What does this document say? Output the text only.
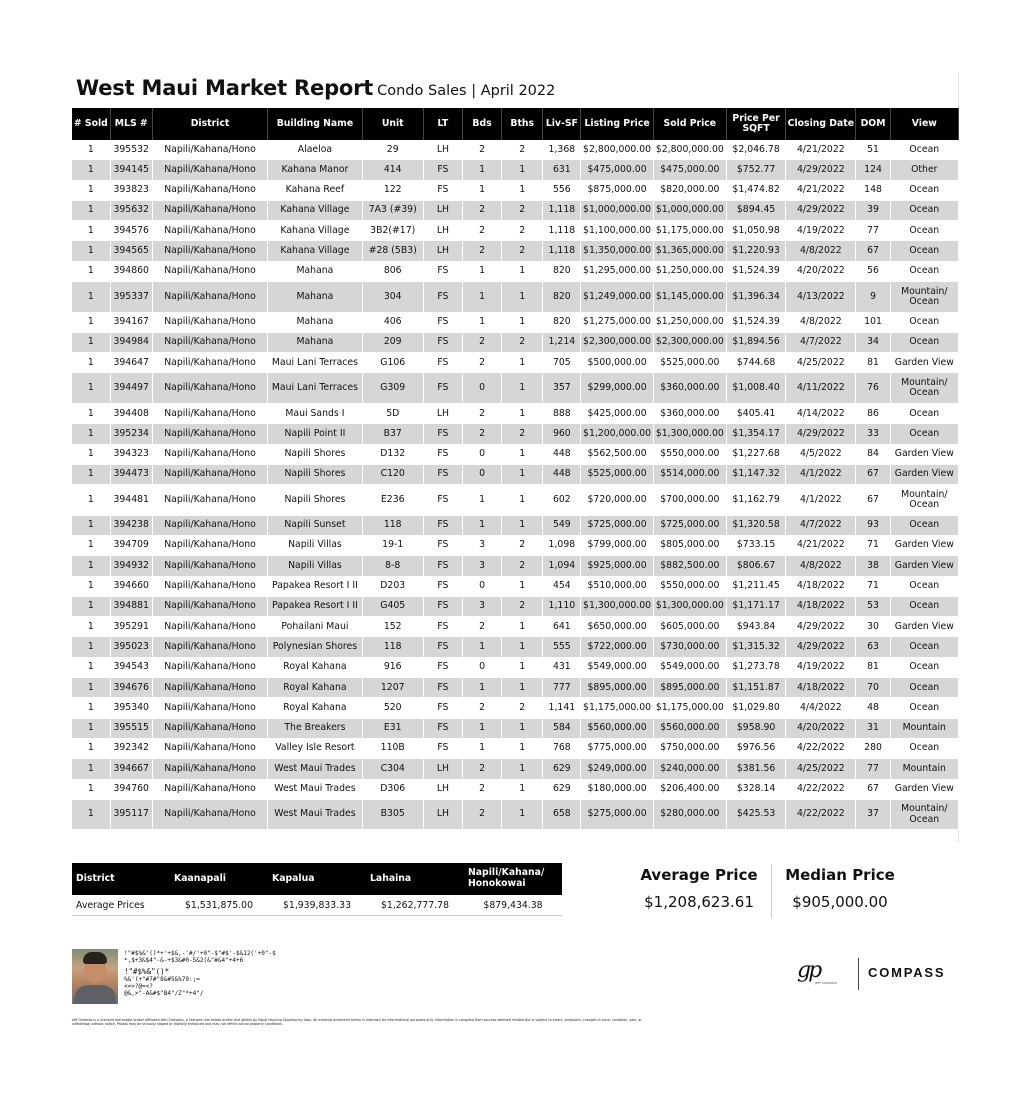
West Maui Market Report Condo Sales | April 2022
# Sold	MLS #	District	Building Name	Unit	LT	Bds	Bths	Liv-SF	Listing Price	Sold Price	Price Per SQFT	Closing Date	DOM	View
1	395532	Napili/Kahana/Hono	Alaeloa	29	LH	2	2	1,368	$2,800,000.00	$2,800,000.00	$2,046.78	4/21/2022	51	Ocean
1	394145	Napili/Kahana/Hono	Kahana Manor	414	FS	1	1	631	$475,000.00	$475,000.00	$752.77	4/29/2022	124	Other
1	393823	Napili/Kahana/Hono	Kahana Reef	122	FS	1	1	556	$875,000.00	$820,000.00	$1,474.82	4/21/2022	148	Ocean
1	395632	Napili/Kahana/Hono	Kahana Village	7A3 (#39)	LH	2	2	1,118	$1,000,000.00	$1,000,000.00	$894.45	4/29/2022	39	Ocean
1	394576	Napili/Kahana/Hono	Kahana Village	3B2(#17)	LH	2	2	1,118	$1,100,000.00	$1,175,000.00	$1,050.98	4/19/2022	77	Ocean
1	394565	Napili/Kahana/Hono	Kahana Village	#28 (5B3)	LH	2	2	1,118	$1,350,000.00	$1,365,000.00	$1,220.93	4/8/2022	67	Ocean
1	394860	Napili/Kahana/Hono	Mahana	806	FS	1	1	820	$1,295,000.00	$1,250,000.00	$1,524.39	4/20/2022	56	Ocean
1	395337	Napili/Kahana/Hono	Mahana	304	FS	1	1	820	$1,249,000.00	$1,145,000.00	$1,396.34	4/13/2022	9	Mountain/ Ocean
1	394167	Napili/Kahana/Hono	Mahana	406	FS	1	1	820	$1,275,000.00	$1,250,000.00	$1,524.39	4/8/2022	101	Ocean
1	394984	Napili/Kahana/Hono	Mahana	209	FS	2	2	1,214	$2,300,000.00	$2,300,000.00	$1,894.56	4/7/2022	34	Ocean
1	394647	Napili/Kahana/Hono	Maui Lani Terraces	G106	FS	2	1	705	$500,000.00	$525,000.00	$744.68	4/25/2022	81	Garden View
1	394497	Napili/Kahana/Hono	Maui Lani Terraces	G309	FS	0	1	357	$299,000.00	$360,000.00	$1,008.40	4/11/2022	76	Mountain/ Ocean
1	394408	Napili/Kahana/Hono	Maui Sands I	5D	LH	2	1	888	$425,000.00	$360,000.00	$405.41	4/14/2022	86	Ocean
1	395234	Napili/Kahana/Hono	Napili Point II	B37	FS	2	2	960	$1,200,000.00	$1,300,000.00	$1,354.17	4/29/2022	33	Ocean
1	394323	Napili/Kahana/Hono	Napili Shores	D132	FS	0	1	448	$562,500.00	$550,000.00	$1,227.68	4/5/2022	84	Garden View
1	394473	Napili/Kahana/Hono	Napili Shores	C120	FS	0	1	448	$525,000.00	$514,000.00	$1,147.32	4/1/2022	67	Garden View
1	394481	Napili/Kahana/Hono	Napili Shores	E236	FS	1	1	602	$720,000.00	$700,000.00	$1,162.79	4/1/2022	67	Mountain/ Ocean
1	394238	Napili/Kahana/Hono	Napili Sunset	118	FS	1	1	549	$725,000.00	$725,000.00	$1,320.58	4/7/2022	93	Ocean
1	394709	Napili/Kahana/Hono	Napili Villas	19-1	FS	3	2	1,098	$799,000.00	$805,000.00	$733.15	4/21/2022	71	Garden View
1	394932	Napili/Kahana/Hono	Napili Villas	8-8	FS	3	2	1,094	$925,000.00	$882,500.00	$806.67	4/8/2022	38	Garden View
1	394660	Napili/Kahana/Hono	Papakea Resort I II	D203	FS	0	1	454	$510,000.00	$550,000.00	$1,211.45	4/18/2022	71	Ocean
1	394881	Napili/Kahana/Hono	Papakea Resort I II	G405	FS	3	2	1,110	$1,300,000.00	$1,300,000.00	$1,171.17	4/18/2022	53	Ocean
1	395291	Napili/Kahana/Hono	Pohailani Maui	152	FS	2	1	641	$650,000.00	$605,000.00	$943.84	4/29/2022	30	Garden View
1	395023	Napili/Kahana/Hono	Polynesian Shores	118	FS	1	1	555	$722,000.00	$730,000.00	$1,315.32	4/29/2022	63	Ocean
1	394543	Napili/Kahana/Hono	Royal Kahana	916	FS	0	1	431	$549,000.00	$549,000.00	$1,273.78	4/19/2022	81	Ocean
1	394676	Napili/Kahana/Hono	Royal Kahana	1207	FS	1	1	777	$895,000.00	$895,000.00	$1,151.87	4/18/2022	70	Ocean
1	395340	Napili/Kahana/Hono	Royal Kahana	520	FS	2	2	1,141	$1,175,000.00	$1,175,000.00	$1,029.80	4/4/2022	48	Ocean
1	395515	Napili/Kahana/Hono	The Breakers	E31	FS	1	1	584	$560,000.00	$560,000.00	$958.90	4/20/2022	31	Mountain
1	392342	Napili/Kahana/Hono	Valley Isle Resort	110B	FS	1	1	768	$775,000.00	$750,000.00	$976.56	4/22/2022	280	Ocean
1	394667	Napili/Kahana/Hono	West Maui Trades	C304	LH	2	1	629	$249,000.00	$240,000.00	$381.56	4/25/2022	77	Mountain
1	394760	Napili/Kahana/Hono	West Maui Trades	D306	LH	2	1	629	$180,000.00	$206,400.00	$328.14	4/22/2022	67	Garden View
1	395117	Napili/Kahana/Hono	West Maui Trades	B305	LH	2	1	658	$275,000.00	$280,000.00	$425.53	4/22/2022	37	Mountain/ Ocean
District	Kaanapali	Kapalua	Lahaina	Napili/Kahana/ Honokowai
Average Prices	$1,531,875.00	$1,939,833.33	$1,262,777.78	$879,434.38
Average Price
$1,208,623.61
Median Price
$905,000.00
!"#$%&'()*+'+$&,-'#/'+0"-$"#$'-$&12('+0"-$
*,$+3&$4"-&-+$3&#0-5&2(&"#&4"+4+6
!"#$%&"()*
%&'(+"#7#"8&#5&%79:;=
<=>?@=<?
@&,>"-A&#$"B4"/Z"*+4"/
gp
JEFF ONDERKO
COMPASS
Jeff Onderko is a licensed real estate broker affiliated with Compass, a licensed real estate broker and abides by Equal Housing Opportunity laws. All material presented herein is intended for informational purposes only. Information is compiled from sources deemed reliable but is subject to errors, omissions, changes in price, condition, sale, or withdrawal without notice. Photos may be virtually staged or digitally enhanced and may not reflect actual property conditions.
